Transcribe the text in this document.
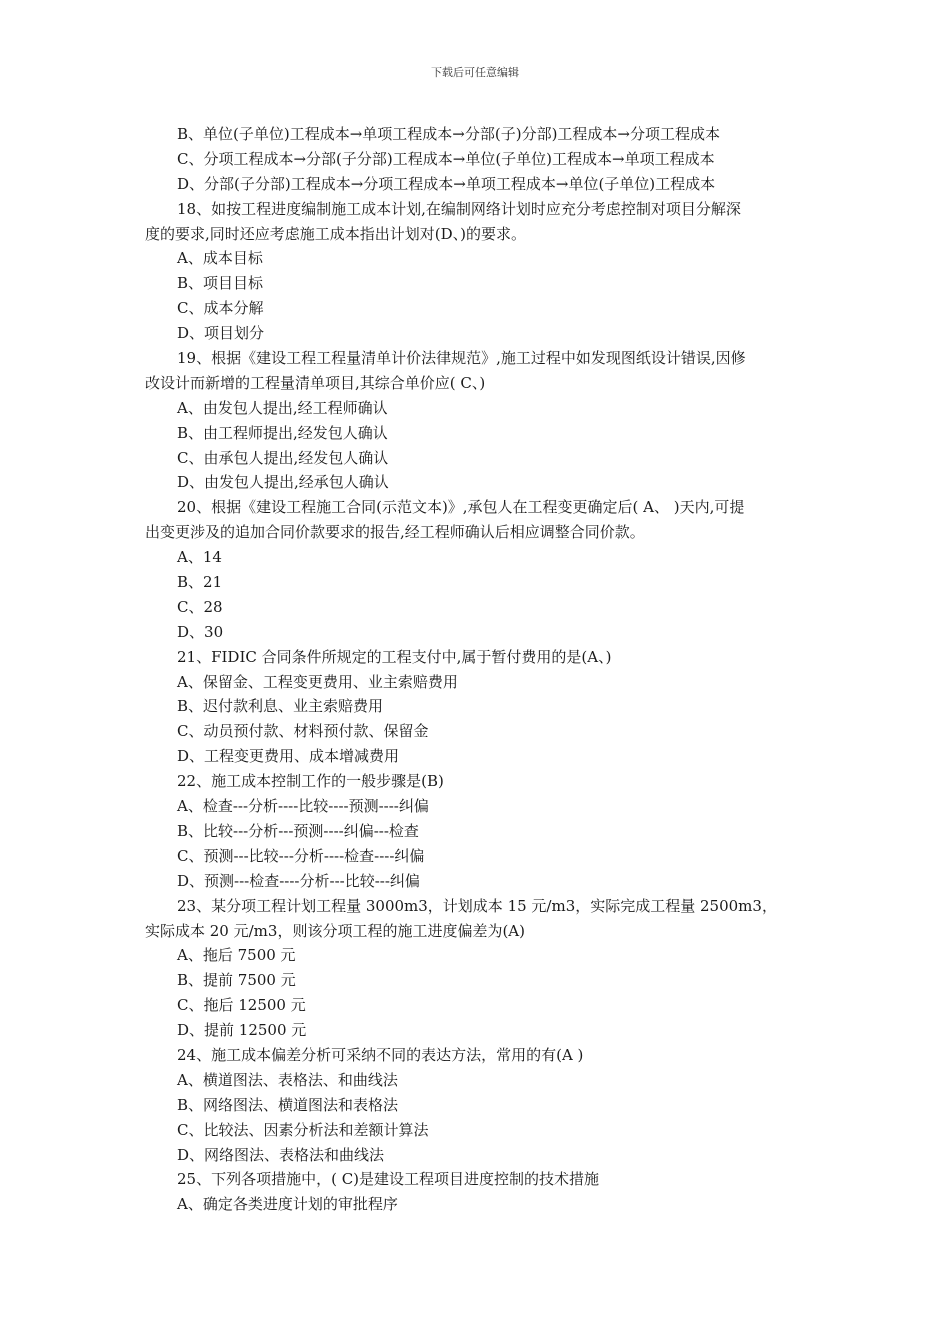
下载后可任意编辑
B、单位(子单位)工程成本→单项工程成本→分部(子)分部)工程成本→分项工程成本
C、分项工程成本→分部(子分部)工程成本→单位(子单位)工程成本→单项工程成本
D、分部(子分部)工程成本→分项工程成本→单项工程成本→单位(子单位)工程成本
18、如按工程进度编制施工成本计划,在编制网络计划时应充分考虑控制对项目分解深
度的要求,同时还应考虑施工成本指出计划对(D、)的要求。
A、成本目标
B、项目目标
C、成本分解
D、项目划分
19、根据《建设工程工程量清单计价法律规范》,施工过程中如发现图纸设计错误,因修
改设计而新增的工程量清单项目,其综合单价应( C、)
A、由发包人提出,经工程师确认
B、由工程师提出,经发包人确认
C、由承包人提出,经发包人确认
D、由发包人提出,经承包人确认
20、根据《建设工程施工合同(示范文本)》,承包人在工程变更确定后( A、 )天内,可提
出变更涉及的追加合同价款要求的报告,经工程师确认后相应调整合同价款。
A、14
B、21
C、28
D、30
21、FIDIC 合同条件所规定的工程支付中,属于暂付费用的是(A、)
A、保留金、工程变更费用、业主索赔费用
B、迟付款利息、业主索赔费用
C、动员预付款、材料预付款、保留金
D、工程变更费用、成本增减费用
22、施工成本控制工作的一般步骤是(B)
A、检查---分析----比较----预测----纠偏
B、比较---分析---预测----纠偏---检查
C、预测---比较---分析----检查----纠偏
D、预测---检查----分析---比较---纠偏
23、某分项工程计划工程量 3000m3，计划成本 15 元/m3，实际完成工程量 2500m3，
实际成本 20 元/m3，则该分项工程的施工进度偏差为(A)
A、拖后 7500 元
B、提前 7500 元
C、拖后 12500 元
D、提前 12500 元
24、施工成本偏差分析可采纳不同的表达方法，常用的有(A )
A、横道图法、表格法、和曲线法
B、网络图法、横道图法和表格法
C、比较法、因素分析法和差额计算法
D、网络图法、表格法和曲线法
25、下列各项措施中，( C)是建设工程项目进度控制的技术措施
A、确定各类进度计划的审批程序
